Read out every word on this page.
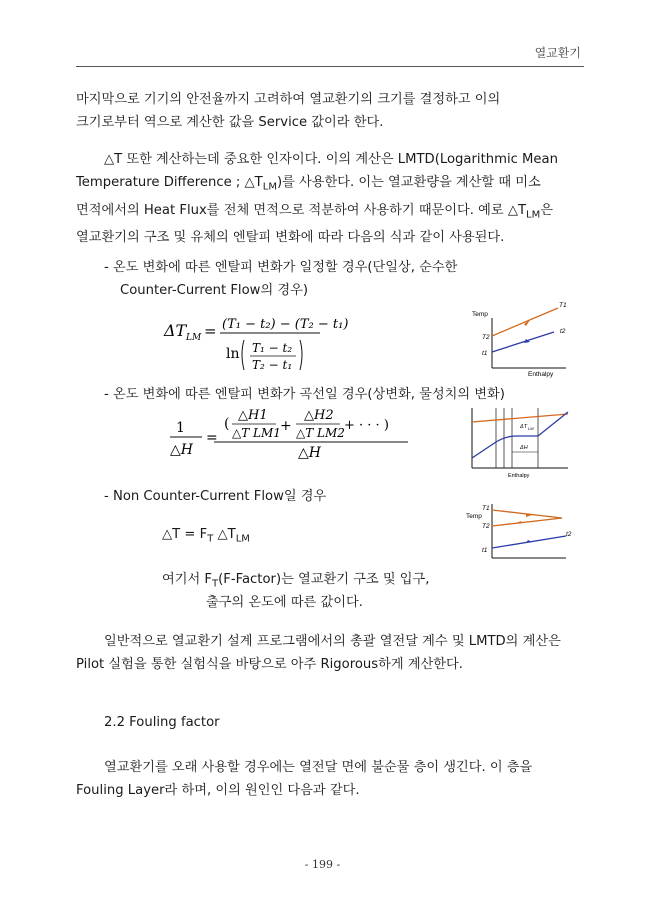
열교환기
마지막으로 기기의 안전율까지 고려하여 열교환기의 크기를 결정하고 이의
크기로부터 역으로 계산한 값을 Service 값이라 한다.
△T 또한 계산하는데 중요한 인자이다. 이의 계산은 LMTD(Logarithmic Mean
Temperature Difference ; $\triangle T_{LM}$)를 사용한다. 이는 열교환량을 계산할 때 미소
면적에서의 Heat Flux를 전체 면적으로 적분하여 사용하기 때문이다. 예로 $\triangle T_{LM}$은
열교환기의 구조 및 유체의 엔탈피 변화에 따라 다음의 식과 같이 사용된다.
- 온도 변화에 따른 엔탈피 변화가 일정할 경우(단일상, 순수한
Counter-Current Flow의 경우)
ΔT LM = (T₁ − t₂) − (T₂ − t₁)
ln T₁ − t₂
T₂ − t₁
Temp
Enthalpy
T1
T2
t1
t2
- 온도 변화에 따른 엔탈피 변화가 곡선일 경우(상변화, 물성치의 변화)
1
△H
=
(
△H1
△T LM1 +
△H2
△T LM2 + · · · )
△H
ΔT LM
ΔH
Enthalpy
- Non Counter-Current Flow일 경우
△T = $F_T$ $\triangle T_{LM}$
Temp
T1
T2
t1
t2
여기서 $F_T(F-Factor)$는 열교환기 구조 및 입구,
출구의 온도에 따른 값이다.
일반적으로 열교환기 설계 프로그램에서의 총괄 열전달 계수 및 LMTD의 계산은
Pilot 실험을 통한 실험식을 바탕으로 아주 Rigorous하게 계산한다.
2.2 Fouling factor
열교환기를 오래 사용할 경우에는 열전달 면에 불순물 층이 생긴다. 이 층을
Fouling Layer라 하며, 이의 원인인 다음과 같다.
- 199 -
